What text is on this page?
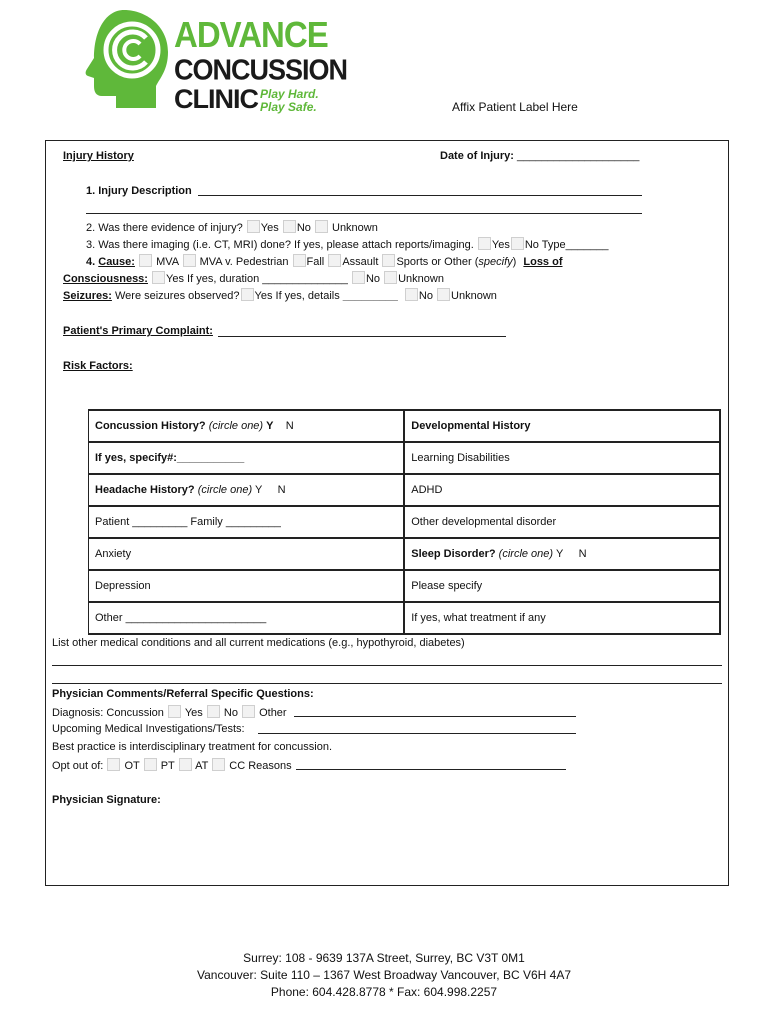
ADVANCE
CONCUSSION
CLINIC Play Hard.
Play Safe.	Affix Patient Label Here
Injury History	Date of Injury: ____________________
1. Injury Description
2. Was there evidence of injury? Yes No Unknown
3. Was there imaging (i.e. CT, MRI) done? If yes, please attach reports/imaging. Yes No Type_______
4. Cause: MVA MVA v. Pedestrian Fall Assault Sports or Other (specify) Loss of
Consciousness: Yes If yes, duration ______________ No Unknown
Seizures: Were seizures observed? Yes If yes, details _________ No Unknown
Patient's Primary Complaint:
Risk Factors:
Concussion History? (circle one) Y N	Developmental History
If yes, specify#:___________	Learning Disabilities
Headache History? (circle one) Y N	ADHD
Patient _________ Family _________	Other developmental disorder
Anxiety	Sleep Disorder? (circle one) Y N
Depression	Please specify
Other _______________________	If yes, what treatment if any
List other medical conditions and all current medications (e.g., hypothyroid, diabetes)
Physician Comments/Referral Specific Questions:
Diagnosis: Concussion Yes No Other
Upcoming Medical Investigations/Tests:
Best practice is interdisciplinary treatment for concussion.
Opt out of: OT PT AT CC Reasons
Physician Signature:
Surrey: 108 - 9639 137A Street, Surrey, BC V3T 0M1
Vancouver: Suite 110 – 1367 West Broadway Vancouver, BC V6H 4A7
Phone: 604.428.8778 * Fax: 604.998.2257
